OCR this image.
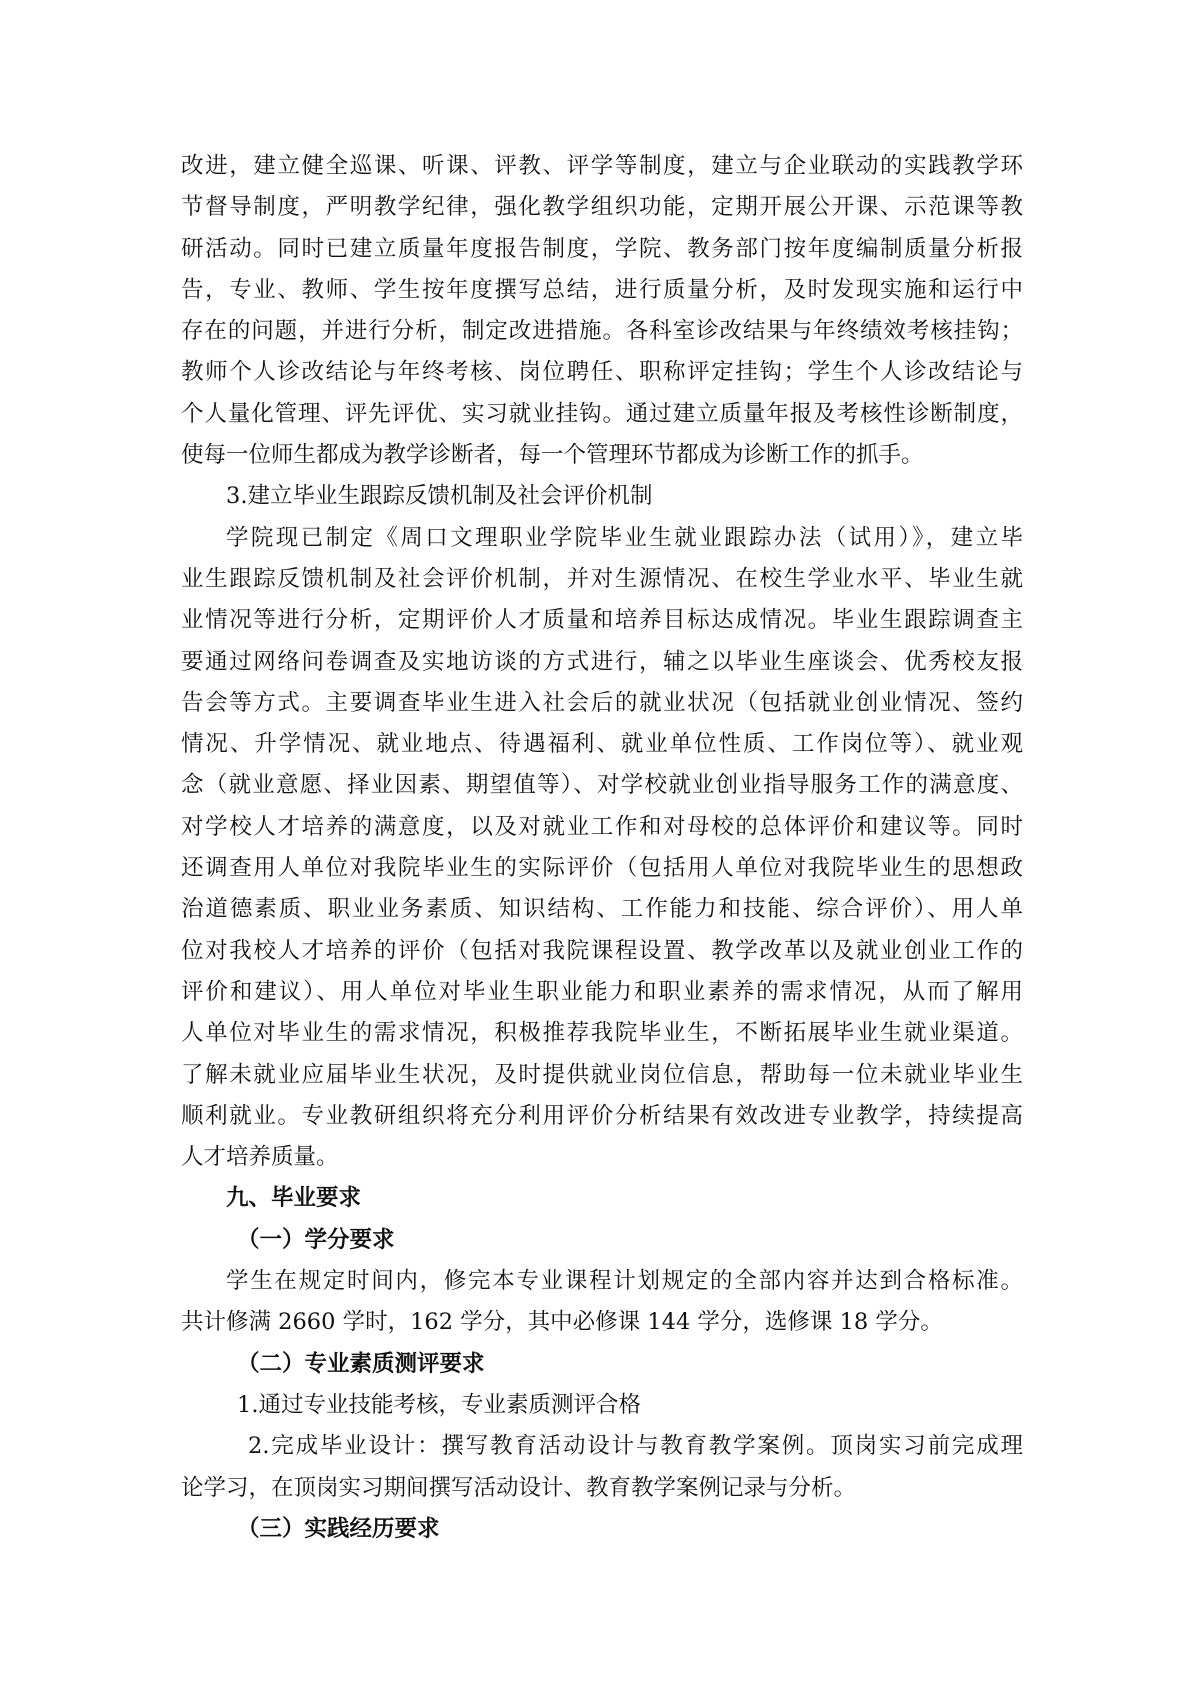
改进，建立健全巡课、听课、评教、评学等制度，建立与企业联动的实践教学环
节督导制度，严明教学纪律，强化教学组织功能，定期开展公开课、示范课等教
研活动。同时已建立质量年度报告制度，学院、教务部门按年度编制质量分析报
告，专业、教师、学生按年度撰写总结，进行质量分析，及时发现实施和运行中
存在的问题，并进行分析，制定改进措施。各科室诊改结果与年终绩效考核挂钩；
教师个人诊改结论与年终考核、岗位聘任、职称评定挂钩；学生个人诊改结论与
个人量化管理、评先评优、实习就业挂钩。通过建立质量年报及考核性诊断制度，
使每一位师生都成为教学诊断者，每一个管理环节都成为诊断工作的抓手。

3.建立毕业生跟踪反馈机制及社会评价机制

学院现已制定《周口文理职业学院毕业生就业跟踪办法（试用）》，建立毕
业生跟踪反馈机制及社会评价机制，并对生源情况、在校生学业水平、毕业生就
业情况等进行分析，定期评价人才质量和培养目标达成情况。毕业生跟踪调查主
要通过网络问卷调查及实地访谈的方式进行，辅之以毕业生座谈会、优秀校友报
告会等方式。主要调查毕业生进入社会后的就业状况（包括就业创业情况、签约
情况、升学情况、就业地点、待遇福利、就业单位性质、工作岗位等）、就业观
念（就业意愿、择业因素、期望值等）、对学校就业创业指导服务工作的满意度、
对学校人才培养的满意度，以及对就业工作和对母校的总体评价和建议等。同时
还调查用人单位对我院毕业生的实际评价（包括用人单位对我院毕业生的思想政
治道德素质、职业业务素质、知识结构、工作能力和技能、综合评价）、用人单
位对我校人才培养的评价（包括对我院课程设置、教学改革以及就业创业工作的
评价和建议）、用人单位对毕业生职业能力和职业素养的需求情况，从而了解用
人单位对毕业生的需求情况，积极推荐我院毕业生，不断拓展毕业生就业渠道。
了解未就业应届毕业生状况，及时提供就业岗位信息，帮助每一位未就业毕业生
顺利就业。专业教研组织将充分利用评价分析结果有效改进专业教学，持续提高
人才培养质量。

九、毕业要求

（一）学分要求

学生在规定时间内，修完本专业课程计划规定的全部内容并达到合格标准。
共计修满 2660 学时，162 学分，其中必修课 144 学分，选修课 18 学分。

（二）专业素质测评要求

1.通过专业技能考核，专业素质测评合格

2.完成毕业设计：撰写教育活动设计与教育教学案例。顶岗实习前完成理
论学习，在顶岗实习期间撰写活动设计、教育教学案例记录与分析。

（三）实践经历要求
